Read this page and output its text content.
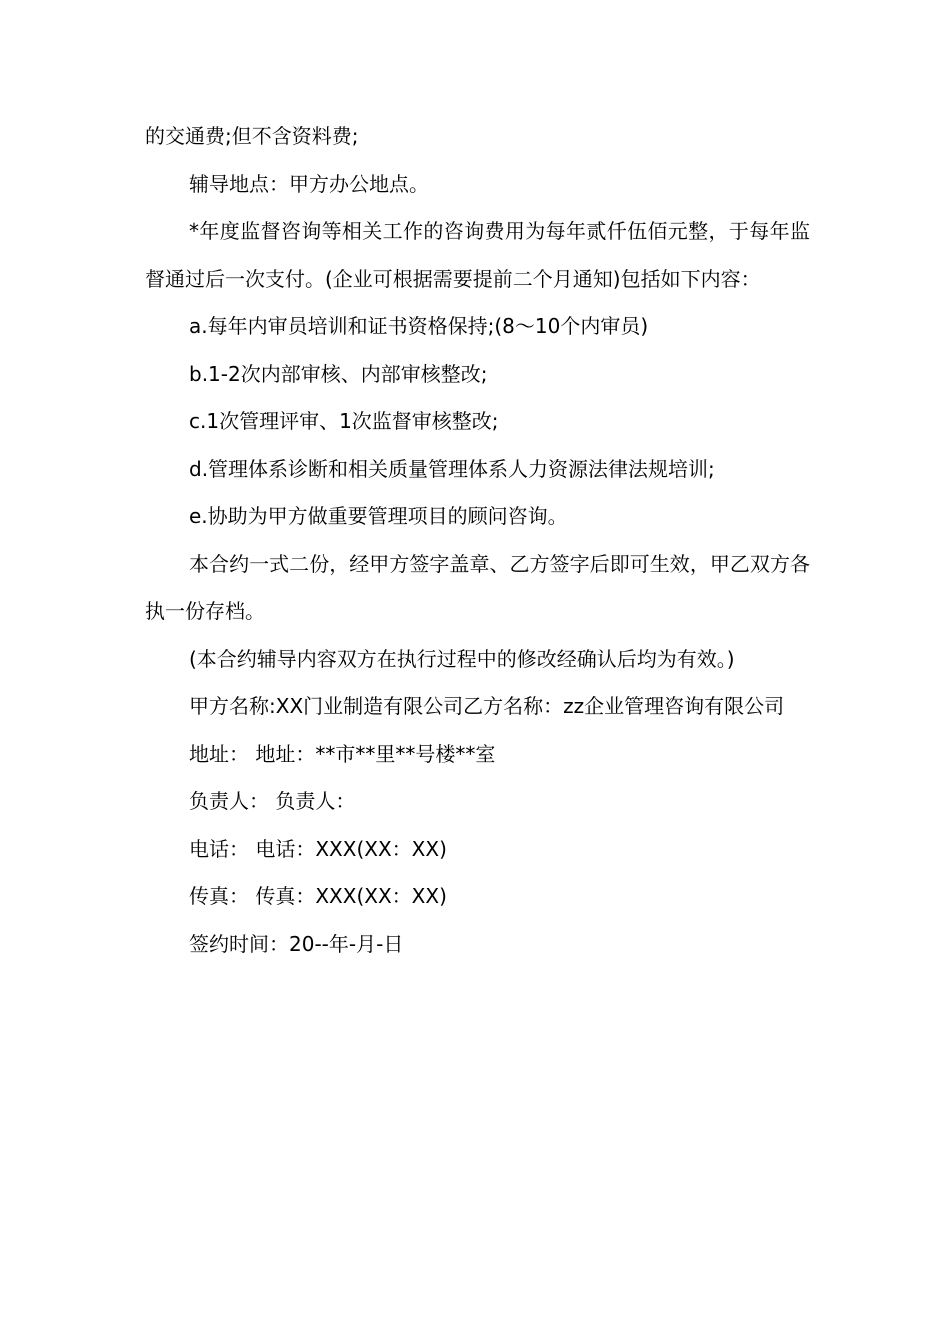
的交通费;但不含资料费;

辅导地点：甲方办公地点。

*年度监督咨询等相关工作的咨询费用为每年贰仟伍佰元整，于每年监督通过后一次支付。(企业可根据需要提前二个月通知)包括如下内容：

a.每年内审员培训和证书资格保持;(8～10个内审员)

b.1-2次内部审核、内部审核整改;

c.1次管理评审、1次监督审核整改;

d.管理体系诊断和相关质量管理体系人力资源法律法规培训;

e.协助为甲方做重要管理项目的顾问咨询。

本合约一式二份，经甲方签字盖章、乙方签字后即可生效，甲乙双方各执一份存档。

(本合约辅导内容双方在执行过程中的修改经确认后均为有效。)

甲方名称:XX门业制造有限公司乙方名称：zz企业管理咨询有限公司

地址： 地址：**市**里**号楼**室

负责人： 负责人：

电话： 电话：XXX(XX：XX)

传真： 传真：XXX(XX：XX)

签约时间：20--年-月-日
